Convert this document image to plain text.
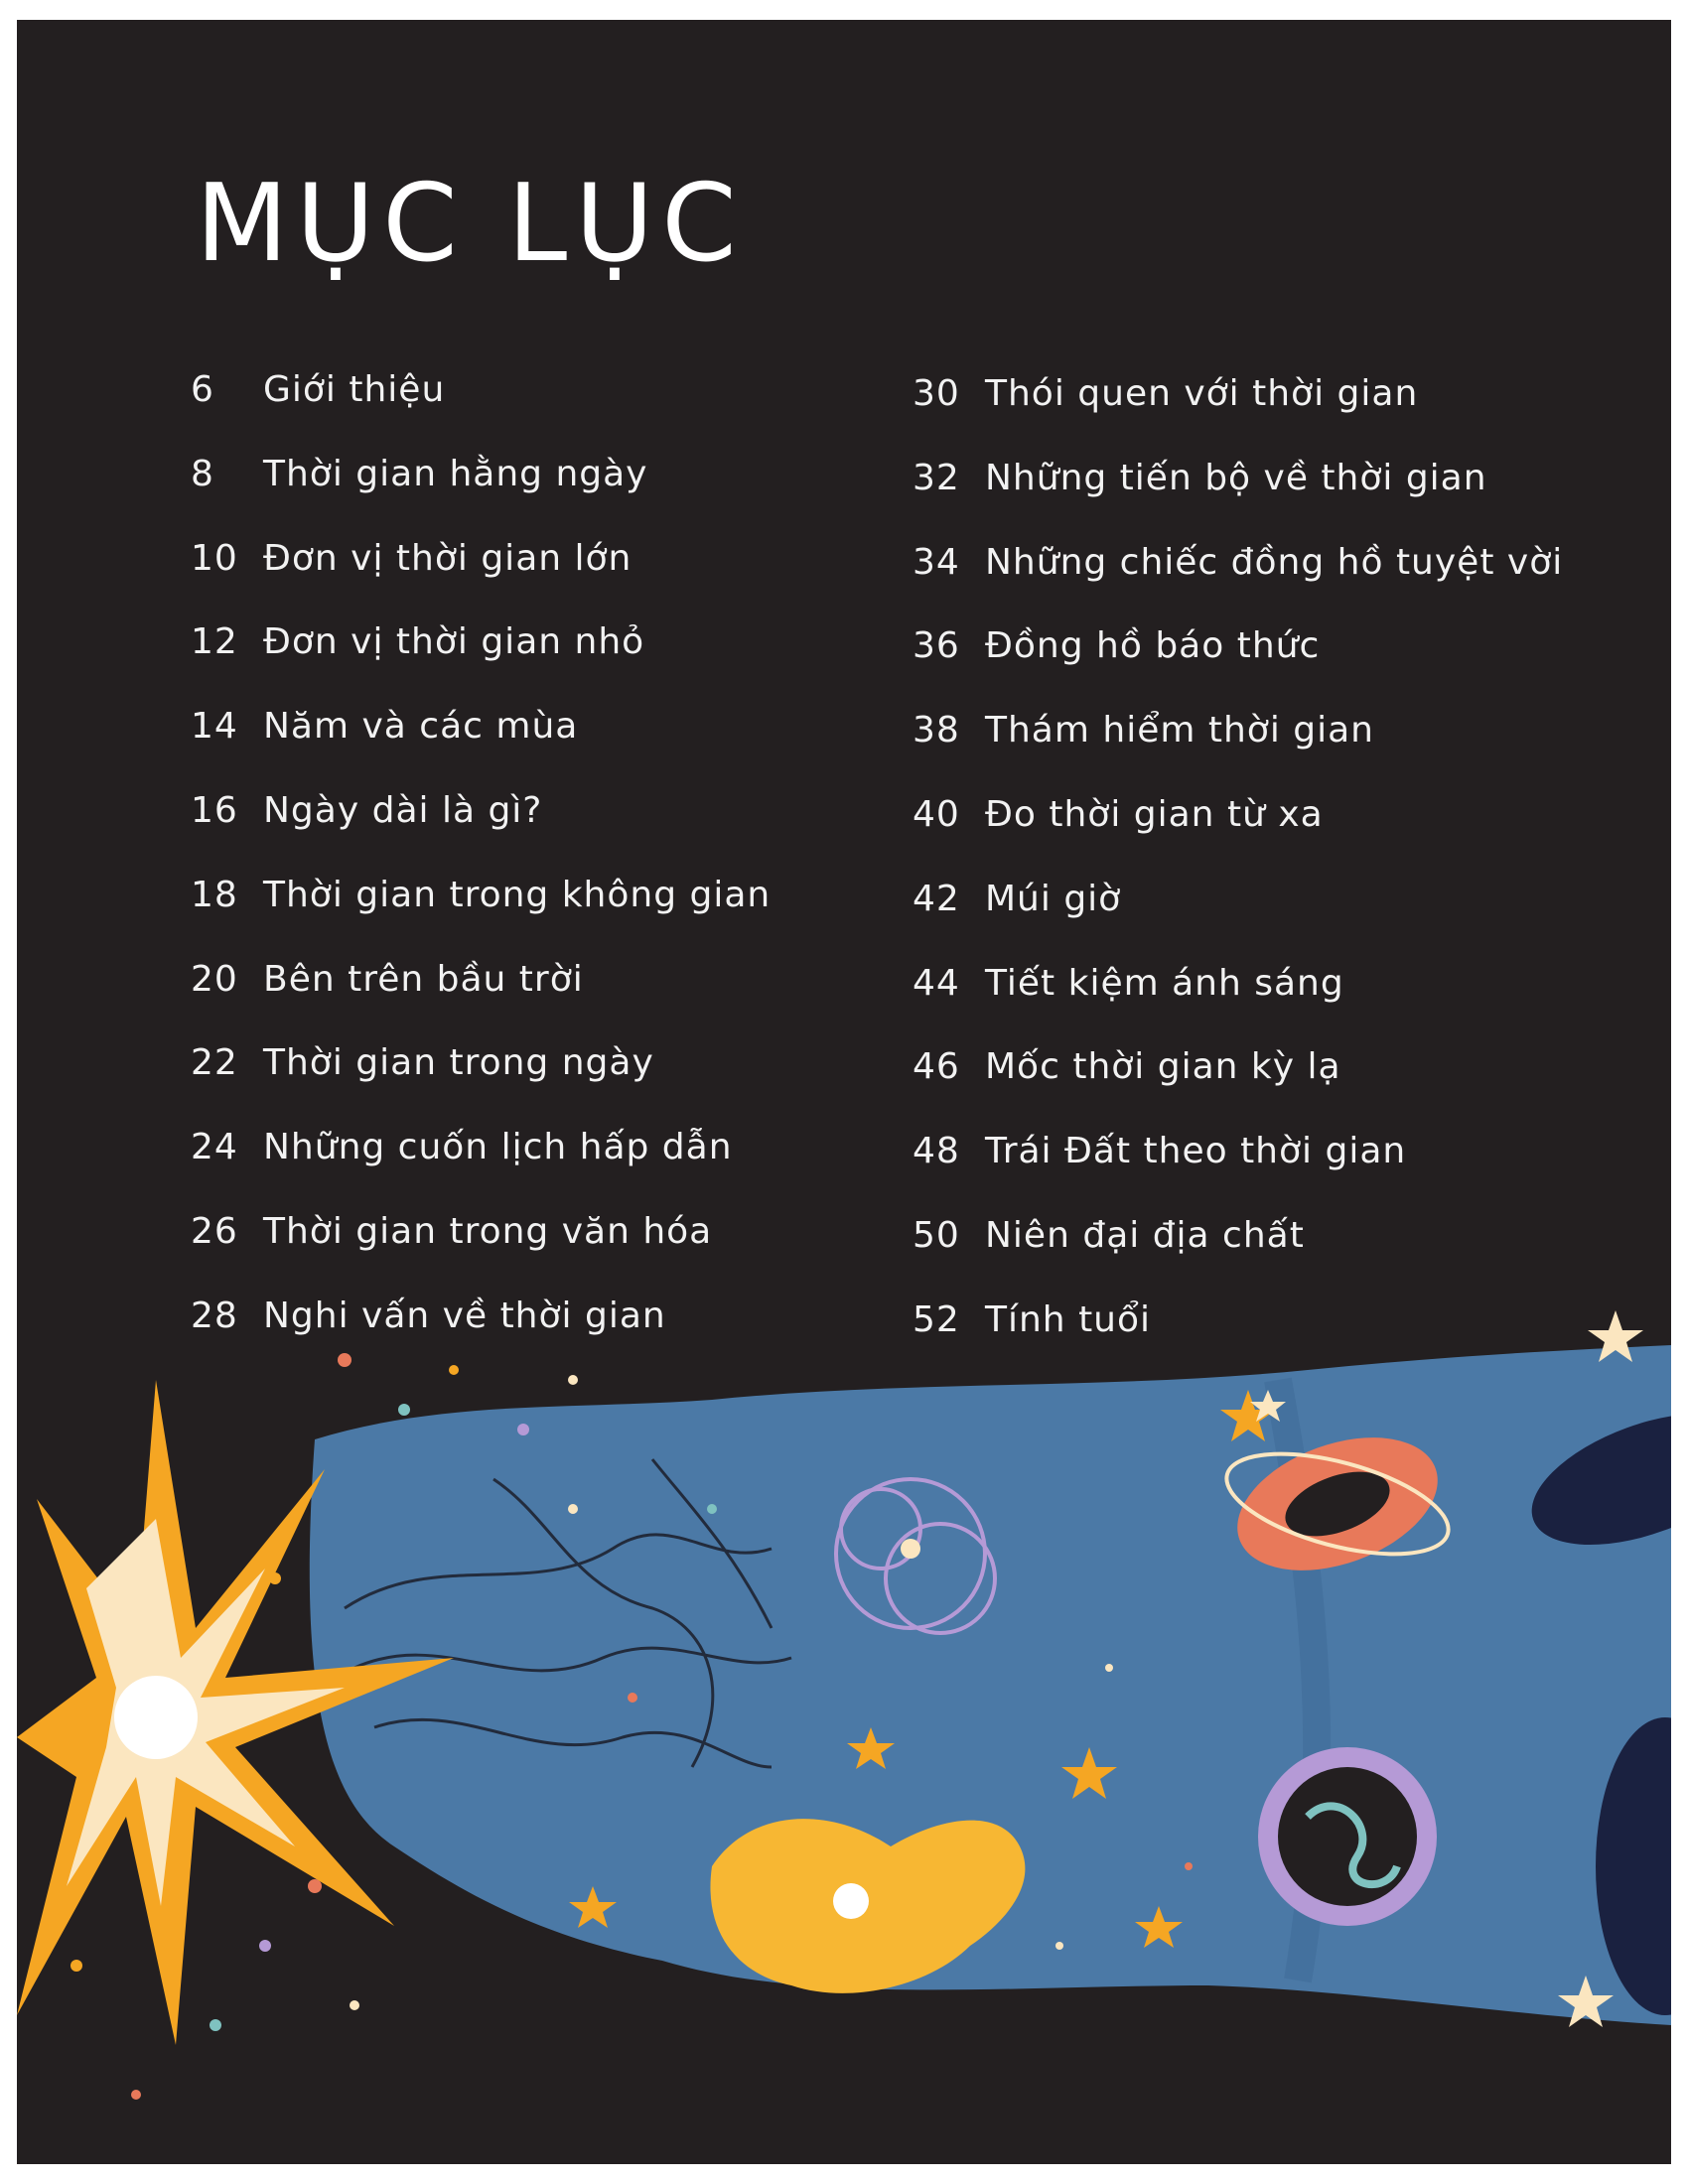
MỤC LỤC
6	Giới thiệu
8	Thời gian hằng ngày
10 Đơn vị thời gian lớn
12 Đơn vị thời gian nhỏ
14 Năm và các mùa
16 Ngày dài là gì?
18 Thời gian trong không gian
20 Bên trên bầu trời
22 Thời gian trong ngày
24 Những cuốn lịch hấp dẫn
26 Thời gian trong văn hóa
28 Nghi vấn về thời gian
30 Thói quen với thời gian
32 Những tiến bộ về thời gian
34 Những chiếc đồng hồ tuyệt vời
36 Đồng hồ báo thức
38 Thám hiểm thời gian
40 Đo thời gian từ xa
42 Múi giờ
44 Tiết kiệm ánh sáng
46 Mốc thời gian kỳ lạ
48 Trái Đất theo thời gian
50 Niên đại địa chất
52 Tính tuổi
